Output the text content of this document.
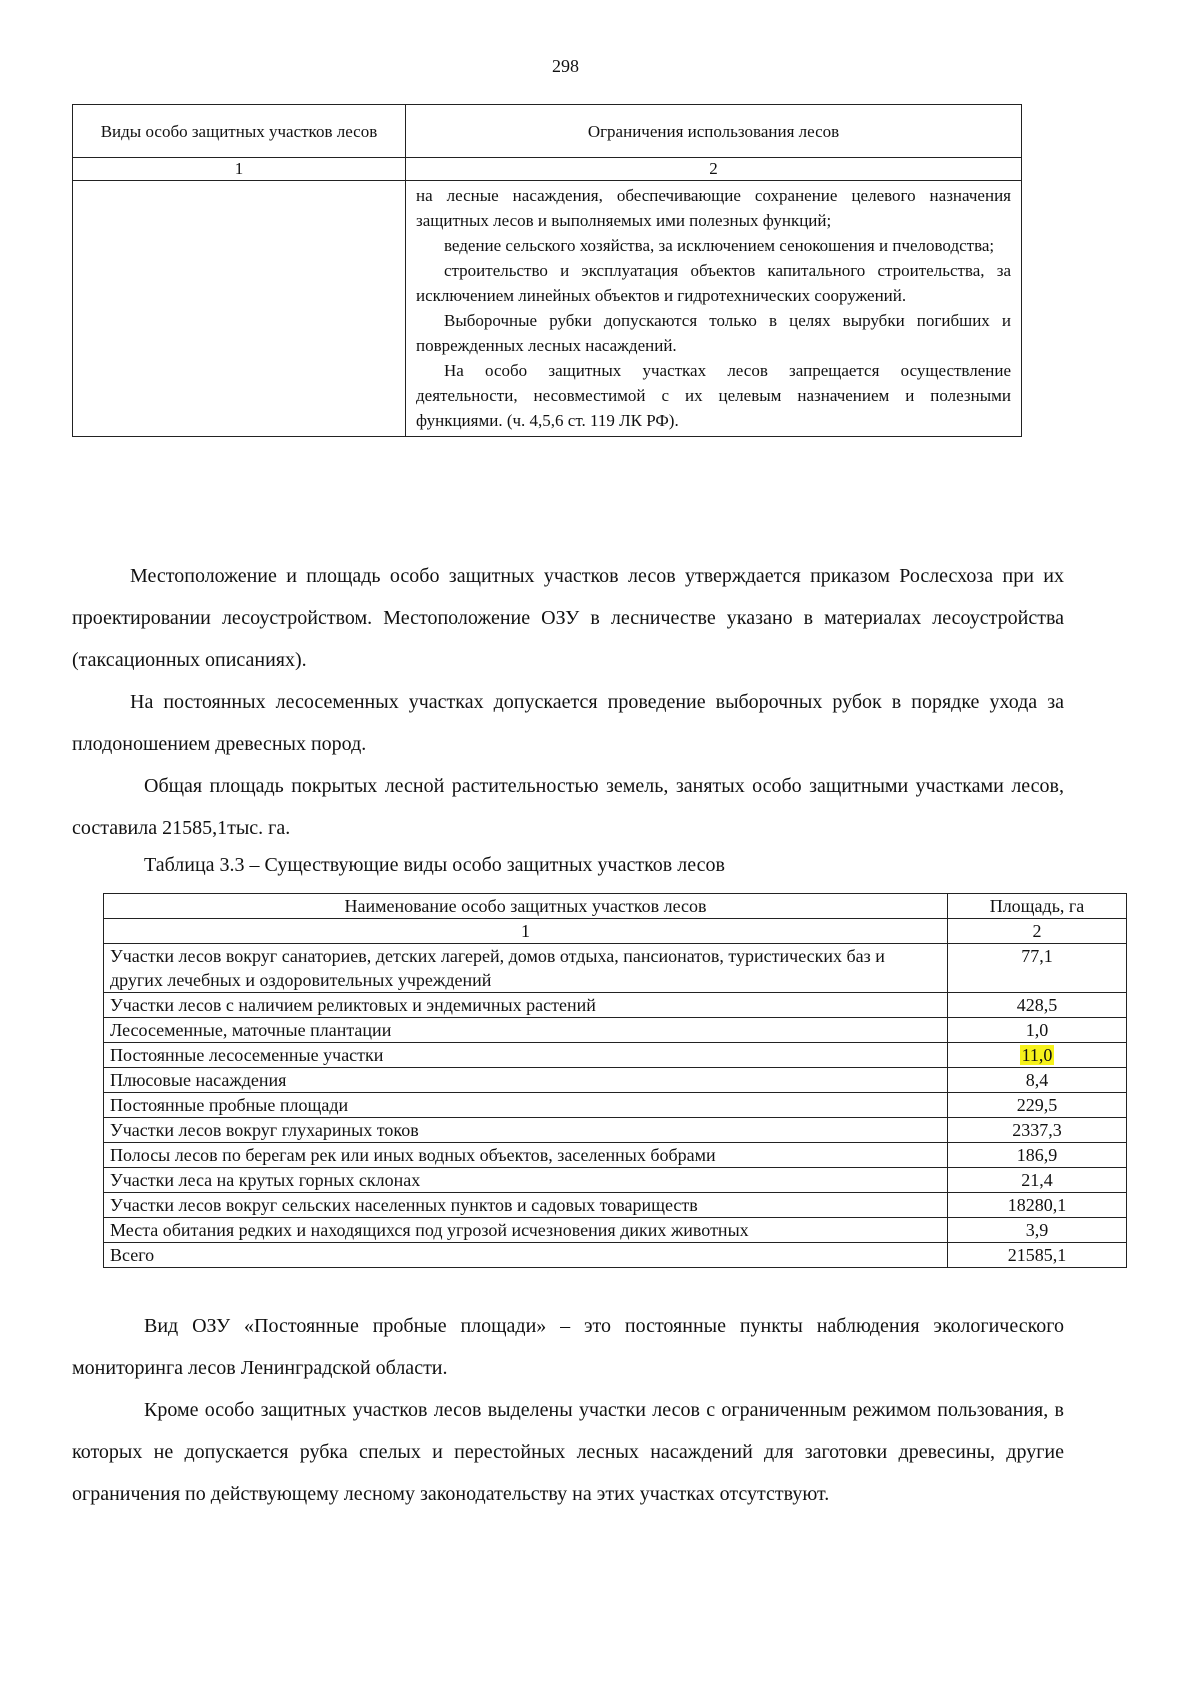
298
Виды особо защитных участков лесов	Ограничения использования лесов
1	2

	на лесные насаждения, обеспечивающие сохранение целевого назначения защитных лесов и выполняемых ими полезных функций;

ведение сельского хозяйства, за исключением сенокошения и пчеловодства;

строительство и эксплуатация объектов капитального строительства, за исключением линейных объектов и гидротехнических сооружений.

Выборочные рубки допускаются только в целях вырубки погибших и поврежденных лесных насаждений.

На особо защитных участках лесов запрещается осуществление деятельности, несовместимой с их целевым назначением и полезными функциями. (ч. 4,5,6 ст. 119 ЛК РФ).

Местоположение и площадь особо защитных участков лесов утверждается приказом Рослесхоза при их проектировании лесоустройством. Местоположение ОЗУ в лесничестве указано в материалах лесоустройства (таксационных описаниях).

На постоянных лесосеменных участках допускается проведение выборочных рубок в порядке ухода за плодоношением древесных пород.

Общая площадь покрытых лесной растительностью земель, занятых особо защитными участками лесов, составила 21585,1тыс. га.

Таблица 3.3 – Существующие виды особо защитных участков лесов

Наименование особо защитных участков лесов	Площадь, га
1	2
Участки лесов вокруг санаториев, детских лагерей, домов отдыха, пансионатов, туристических баз и других лечебных и оздоровительных учреждений	77,1
Участки лесов с наличием реликтовых и эндемичных растений	428,5
Лесосеменные, маточные плантации	1,0
Постоянные лесосеменные участки	11,0
Плюсовые насаждения	8,4
Постоянные пробные площади	229,5
Участки лесов вокруг глухариных токов	2337,3
Полосы лесов по берегам рек или иных водных объектов, заселенных бобрами	186,9
Участки леса на крутых горных склонах	21,4
Участки лесов вокруг сельских населенных пунктов и садовых товариществ	18280,1
Места обитания редких и находящихся под угрозой исчезновения диких животных	3,9
Всего	21585,1

Вид ОЗУ «Постоянные пробные площади» – это постоянные пункты наблюдения экологического мониторинга лесов Ленинградской области.

Кроме особо защитных участков лесов выделены участки лесов с ограниченным режимом пользования, в которых не допускается рубка спелых и перестойных лесных насаждений для заготовки древесины, другие ограничения по действующему лесному законодательству на этих участках отсутствуют.
